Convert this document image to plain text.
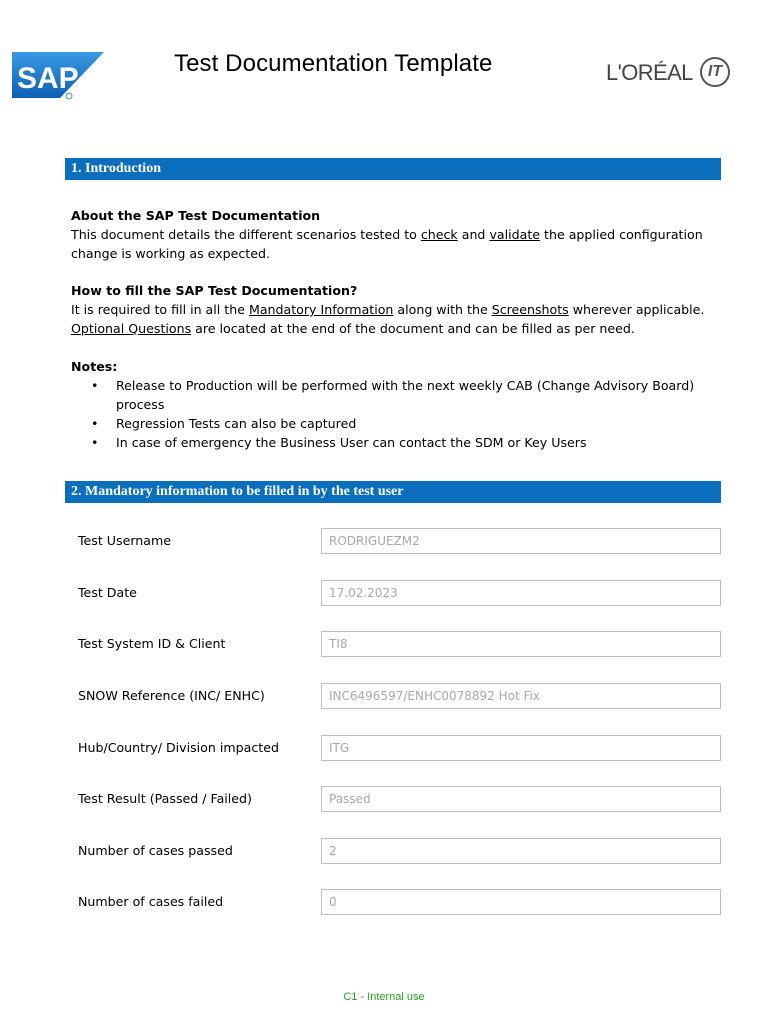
SAP	Test Documentation Template	L'ORÉAL IT
1. Introduction

About the SAP Test Documentation

This document details the different scenarios tested to check and validate the applied configuration change is working as expected.

How to fill the SAP Test Documentation?

It is required to fill in all the Mandatory Information along with the Screenshots wherever applicable. Optional Questions are located at the end of the document and can be filled as per need.

Notes:

• Release to Production will be performed with the next weekly CAB (Change Advisory Board) process
• Regression Tests can also be captured
• In case of emergency the Business User can contact the SDM or Key Users
2. Mandatory information to be filled in by the test user
Test Username	RODRIGUEZM2
Test Date	17.02.2023
Test System ID & Client	TI8
SNOW Reference (INC/ ENHC)	INC6496597/ENHC0078892 Hot Fix
Hub/Country/ Division impacted	ITG
Test Result (Passed / Failed)	Passed
Number of cases passed	2
Number of cases failed	0
C1 - Internal use
